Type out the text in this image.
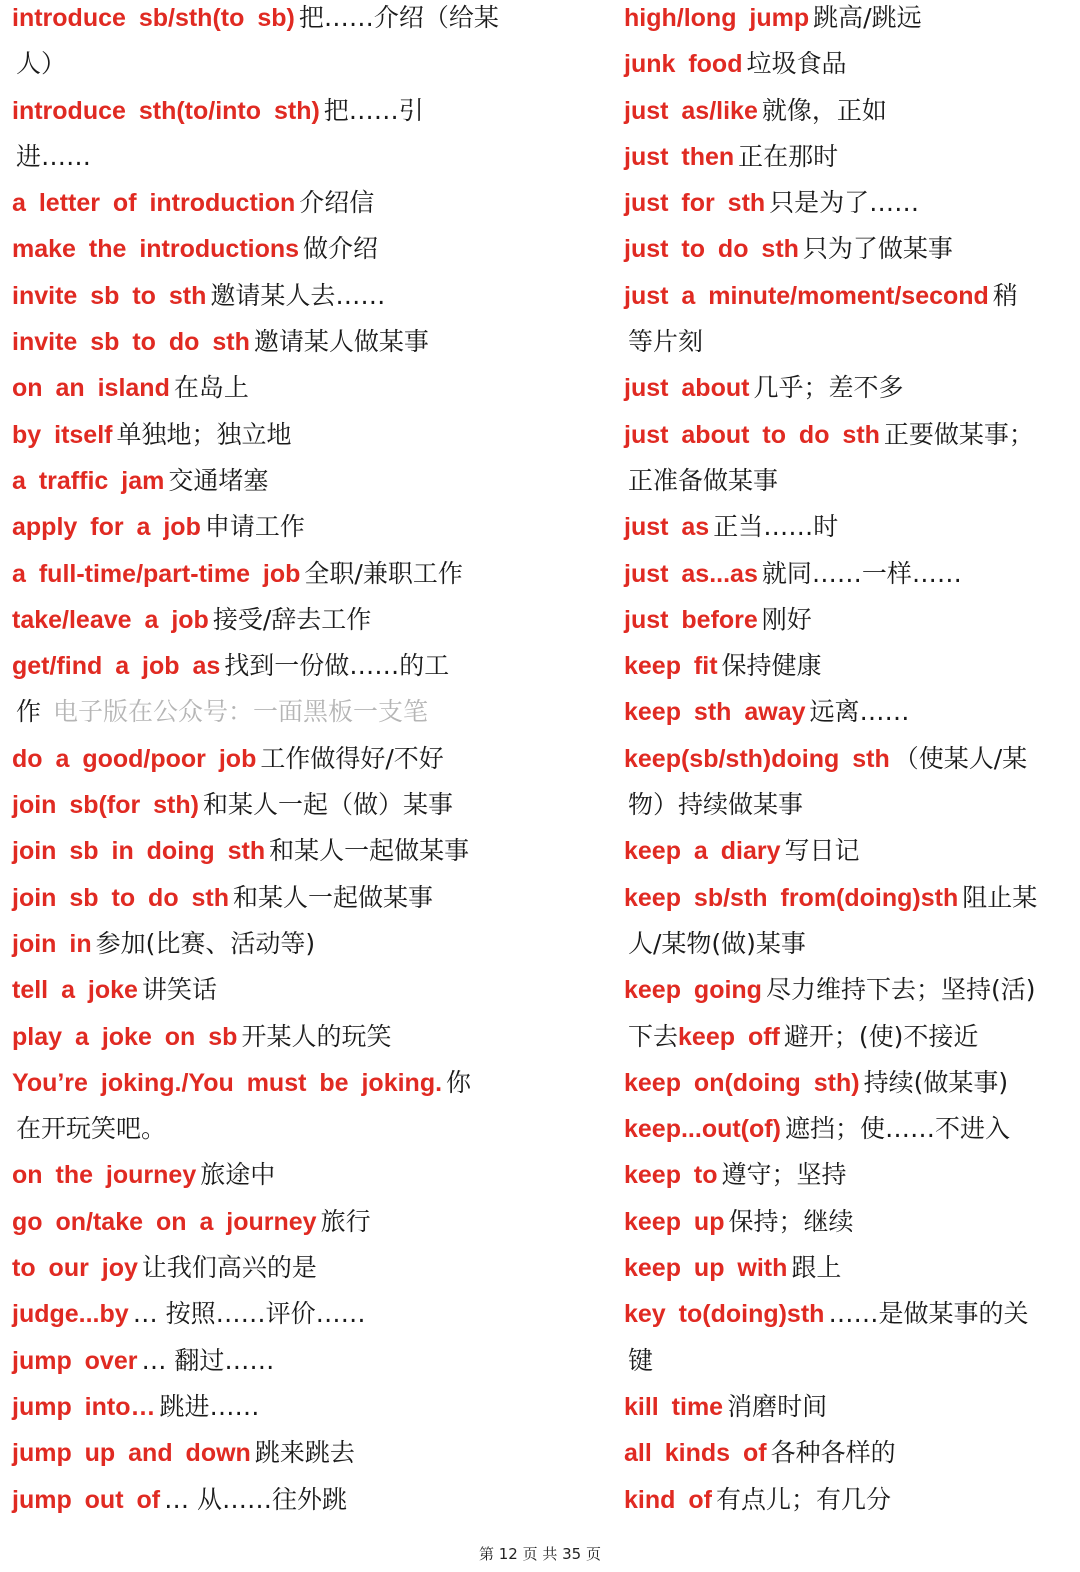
introduce sb/sth(to sb) 把……介绍（给某
人）
introduce sth(to/into sth) 把……引
进……
a letter of introduction 介绍信
make the introductions 做介绍
invite sb to sth 邀请某人去……
invite sb to do sth 邀请某人做某事
on an island 在岛上
by itself 单独地；独立地
a traffic jam 交通堵塞
apply for a job 申请工作
a full-time/part-time job 全职/兼职工作
take/leave a job 接受/辞去工作
get/find a job as 找到一份做……的工
作 电子版在公众号：一面黑板一支笔
do a good/poor job 工作做得好/不好
join sb(for sth) 和某人一起（做）某事
join sb in doing sth 和某人一起做某事
join sb to do sth 和某人一起做某事
join in 参加(比赛、活动等)
tell a joke 讲笑话
play a joke on sb 开某人的玩笑
You’re joking./You must be joking. 你
在开玩笑吧。
on the journey 旅途中
go on/take on a journey 旅行
to our joy 让我们高兴的是
judge...by … 按照……评价……
jump over … 翻过……
jump into… 跳进……
jump up and down 跳来跳去
jump out of … 从……往外跳
high/long jump 跳高/跳远
junk food 垃圾食品
just as/like 就像，正如
just then 正在那时
just for sth 只是为了……
just to do sth 只为了做某事
just a minute/moment/second 稍
等片刻
just about 几乎；差不多
just about to do sth 正要做某事；
正准备做某事
just as 正当……时
just as...as 就同……一样……
just before 刚好
keep fit 保持健康
keep sth away 远离……
keep(sb/sth)doing sth （使某人/某
物）持续做某事
keep a diary 写日记
keep sb/sth from(doing)sth 阻止某
人/某物(做)某事
keep going 尽力维持下去；坚持(活)
下去keep off 避开；(使)不接近
keep on(doing sth) 持续(做某事)
keep...out(of) 遮挡；使……不进入
keep to 遵守；坚持
keep up 保持；继续
keep up with 跟上
key to(doing)sth ……是做某事的关
键
kill time 消磨时间
all kinds of 各种各样的
kind of 有点儿；有几分
第 12 页 共 35 页
